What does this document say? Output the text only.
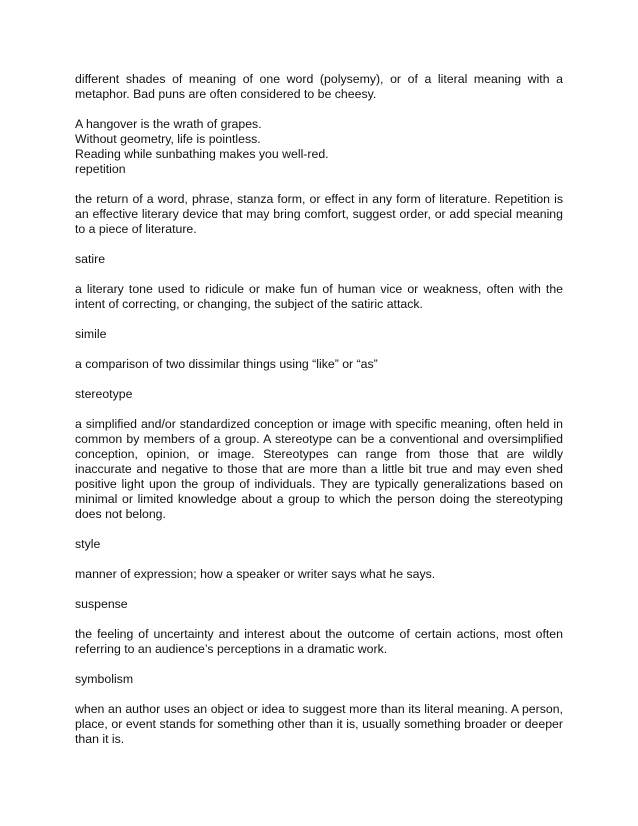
different shades of meaning of one word (polysemy), or of a literal meaning with a metaphor. Bad puns are often considered to be cheesy.

A hangover is the wrath of grapes.
Without geometry, life is pointless.
Reading while sunbathing makes you well-red.

repetition

the return of a word, phrase, stanza form, or effect in any form of literature. Repetition is an effective literary device that may bring comfort, suggest order, or add special meaning to a piece of literature.

satire

a literary tone used to ridicule or make fun of human vice or weakness, often with the intent of correcting, or changing, the subject of the satiric attack.

simile

a comparison of two dissimilar things using “like” or “as”

stereotype

a simplified and/or standardized conception or image with specific meaning, often held in common by members of a group. A stereotype can be a conventional and oversimplified conception, opinion, or image. Stereotypes can range from those that are wildly inaccurate and negative to those that are more than a little bit true and may even shed positive light upon the group of individuals. They are typically generalizations based on minimal or limited knowledge about a group to which the person doing the stereotyping does not belong.

style

manner of expression; how a speaker or writer says what he says.

suspense

the feeling of uncertainty and interest about the outcome of certain actions, most often referring to an audience’s perceptions in a dramatic work.

symbolism

when an author uses an object or idea to suggest more than its literal meaning. A person, place, or event stands for something other than it is, usually something broader or deeper than it is.
